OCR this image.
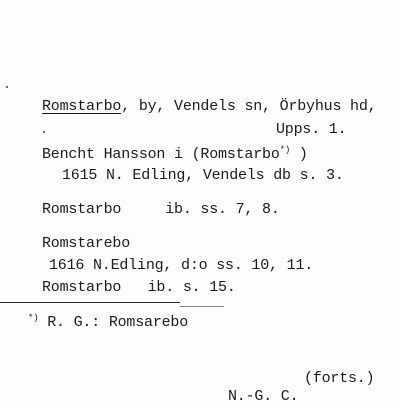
Romstarbo, by, Vendels sn, Örbyhus hd,
Upps. 1.
Bencht Hansson i (Romstarbo*) )
1615 N. Edling, Vendels db s. 3.
Romstarbo     ib. ss. 7, 8.
Romstarebo
1616 N.Edling, d:o ss. 10, 11.
Romstarbo   ib. s. 15.
*) R. G.: Romsarebo
(forts.)
N.-G. C.
